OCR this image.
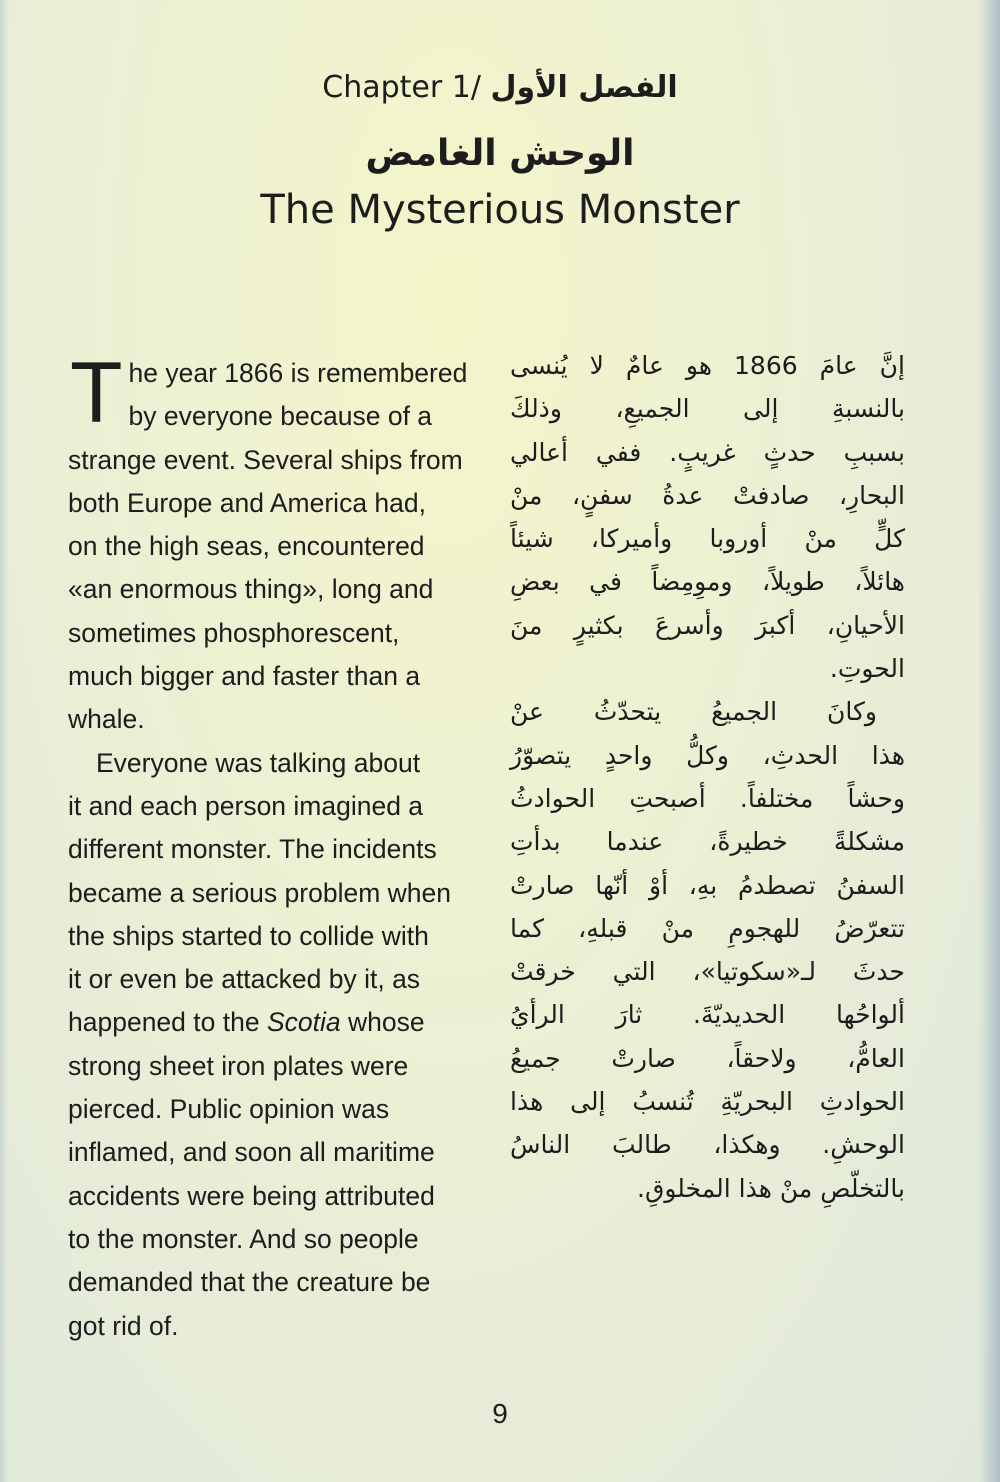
Chapter 1/ الفصل الأول
الوحش الغامض
The Mysterious Monster

T he year 1866 is remembered
by everyone because of a
strange event. Several ships from
both Europe and America had,
on the high seas, encountered
«an enormous thing», long and
sometimes phosphorescent,
much bigger and faster than a
whale.

Everyone was talking about
it and each person imagined a
different monster. The incidents
became a serious problem when
the ships started to collide with
it or even be attacked by it, as
happened to the Scotia whose
strong sheet iron plates were
pierced. Public opinion was
inflamed, and soon all maritime
accidents were being attributed
to the monster. And so people
demanded that the creature be
got rid of.

إنَّ عامَ 1866 هو عامٌ لا يُنسى
بالنسبةِ إلى الجميعِ، وذلكَ
بسببِ حدثٍ غريبٍ. ففي أعالي
البحارِ، صادفتْ عدةُ سفنٍ، منْ
كلٍّ منْ أوروبا وأميركا، شيئاً
هائلاً، طويلاً، وموِمِضاً في بعضِ
الأحيانِ، أكبرَ وأسرعَ بكثيرٍ منَ
الحوتِ.
وكانَ الجميعُ يتحدّثُ عنْ
هذا الحدثِ، وكلُّ واحدٍ يتصوّرُ
وحشاً مختلفاً. أصبحتِ الحوادثُ
مشكلةً خطيرةً، عندما بدأتِ
السفنُ تصطدمُ بهِ، أوْ أنّها صارتْ
تتعرّضُ للهجومِ منْ قبلهِ، كما
حدثَ لـ«سكوتيا»، التي خرقتْ
ألواحُها الحديديّةَ. ثارَ الرأيُ
العامُّ، ولاحقاً، صارتْ جميعُ
الحوادثِ البحريّةِ تُنسبُ إلى هذا
الوحشِ. وهكذا، طالبَ الناسُ
بالتخلّصِ منْ هذا المخلوقِ.
9
